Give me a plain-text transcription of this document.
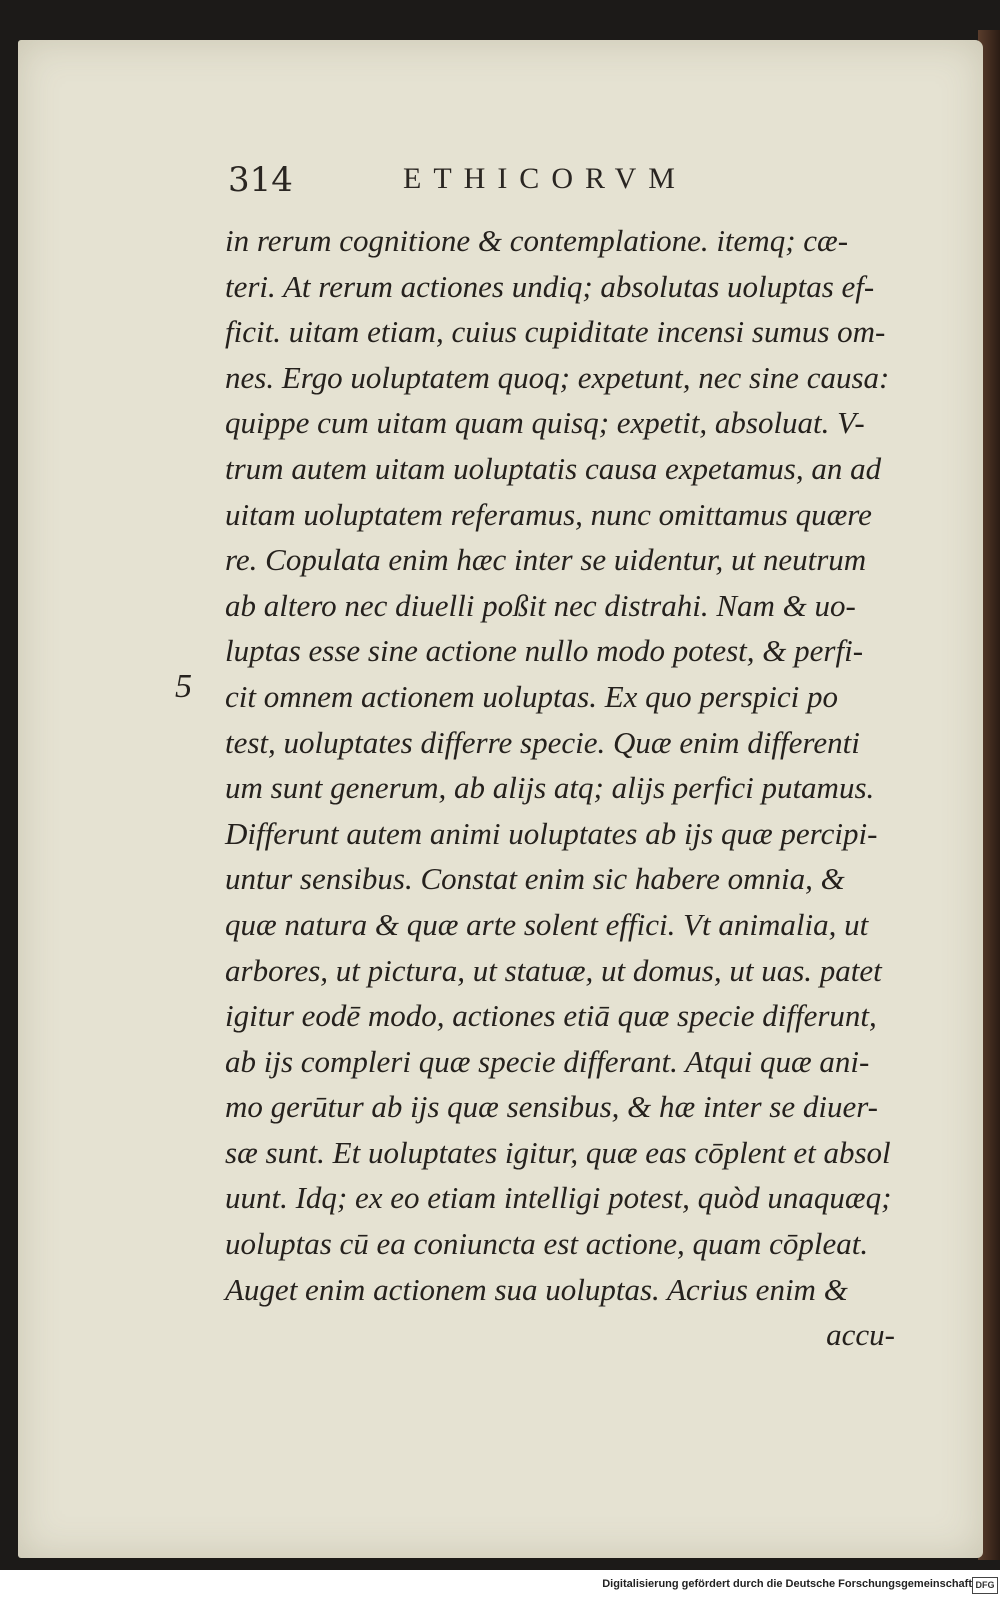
314	ETHICORVM
5
in rerum cognitione & contemplatione. itemq; cæ-
teri. At rerum actiones undiq; absolutas uoluptas ef-
ficit. uitam etiam, cuius cupiditate incensi sumus om-
nes. Ergo uoluptatem quoq; expetunt, nec sine causa:
quippe cum uitam quam quisq; expetit, absoluat. V-
trum autem uitam uoluptatis causa expetamus, an ad
uitam uoluptatem referamus, nunc omittamus quære
re. Copulata enim hæc inter se uidentur, ut neutrum
ab altero nec diuelli poßit nec distrahi. Nam & uo-
luptas esse sine actione nullo modo potest, & perfi-
cit omnem actionem uoluptas. Ex quo perspici po
test, uoluptates differre specie. Quæ enim differenti
um sunt generum, ab alijs atq; alijs perfici putamus.
Differunt autem animi uoluptates ab ijs quæ percipi-
untur sensibus. Constat enim sic habere omnia, &
quæ natura & quæ arte solent effici. Vt animalia, ut
arbores, ut pictura, ut statuæ, ut domus, ut uas. patet
igitur eodē modo, actiones etiā quæ specie differunt,
ab ijs compleri quæ specie differant. Atqui quæ ani-
mo gerūtur ab ijs quæ sensibus, & hæ inter se diuer-
sæ sunt. Et uoluptates igitur, quæ eas cōplent et absol
uunt. Idq; ex eo etiam intelligi potest, quòd unaquæq;
uoluptas cū ea coniuncta est actione, quam cōpleat.
Auget enim actionem sua uoluptas. Acrius enim &
accu-
Digitalisierung gefördert durch die Deutsche Forschungsgemeinschaft DFG
